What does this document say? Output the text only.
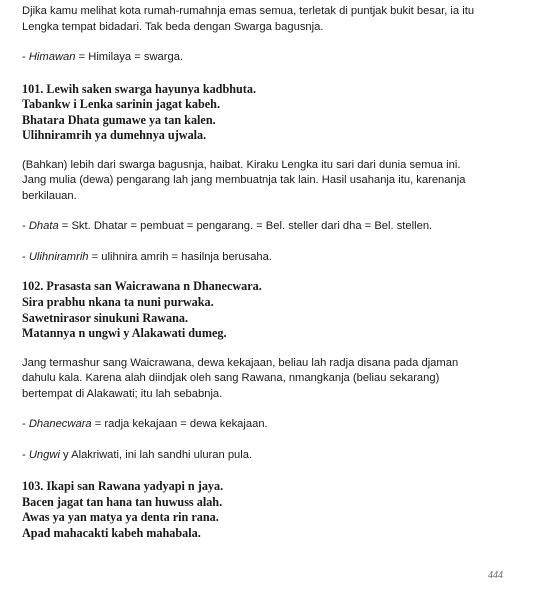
Djika kamu melihat kota rumah-rumahnja emas semua, terletak di puntjak bukit besar, ia itu
Lengka tempat bidadari. Tak beda dengan Swarga bagusnja.

- Himawan = Himilaya = swarga.

101. Lewih saken swarga hayunya kadbhuta.

Tabankw i Lenka sarinin jagat kabeh.

Bhatara Dhata gumawe ya tan kalen.

Ulihniramrih ya dumehnya ujwala.

(Bahkan) lebih dari swarga bagusnja, haibat. Kiraku Lengka itu sari dari dunia semua ini.
Jang mulia (dewa) pengarang lah jang membuatnja tak lain. Hasil usahanja itu, karenanja
berkilauan.

- Dhata = Skt. Dhatar = pembuat = pengarang. = Bel. steller dari dha = Bel. stellen.

- Ulihniramrih = ulihnira amrih = hasilnja berusaha.

102. Prasasta san Waicrawana n Dhanecwara.

Sira prabhu nkana ta nuni purwaka.

Sawetnirasor sinukuni Rawana.

Matannya n ungwi y Alakawati dumeg.

Jang termashur sang Waicrawana, dewa kekajaan, beliau lah radja disana pada djaman
dahulu kala. Karena alah diindjak oleh sang Rawana, nmangkanja (beliau sekarang)
bertempat di Alakawati; itu lah sebabnja.

- Dhanecwara = radja kekajaan = dewa kekajaan.

- Ungwi y Alakriwati, ini lah sandhi uluran pula.

103. Ikapi san Rawana yadyapi n jaya.

Bacen jagat tan hana tan huwuss alah.

Awas ya yan matya ya denta rin rana.

Apad mahacakti kabeh mahabala.

444
